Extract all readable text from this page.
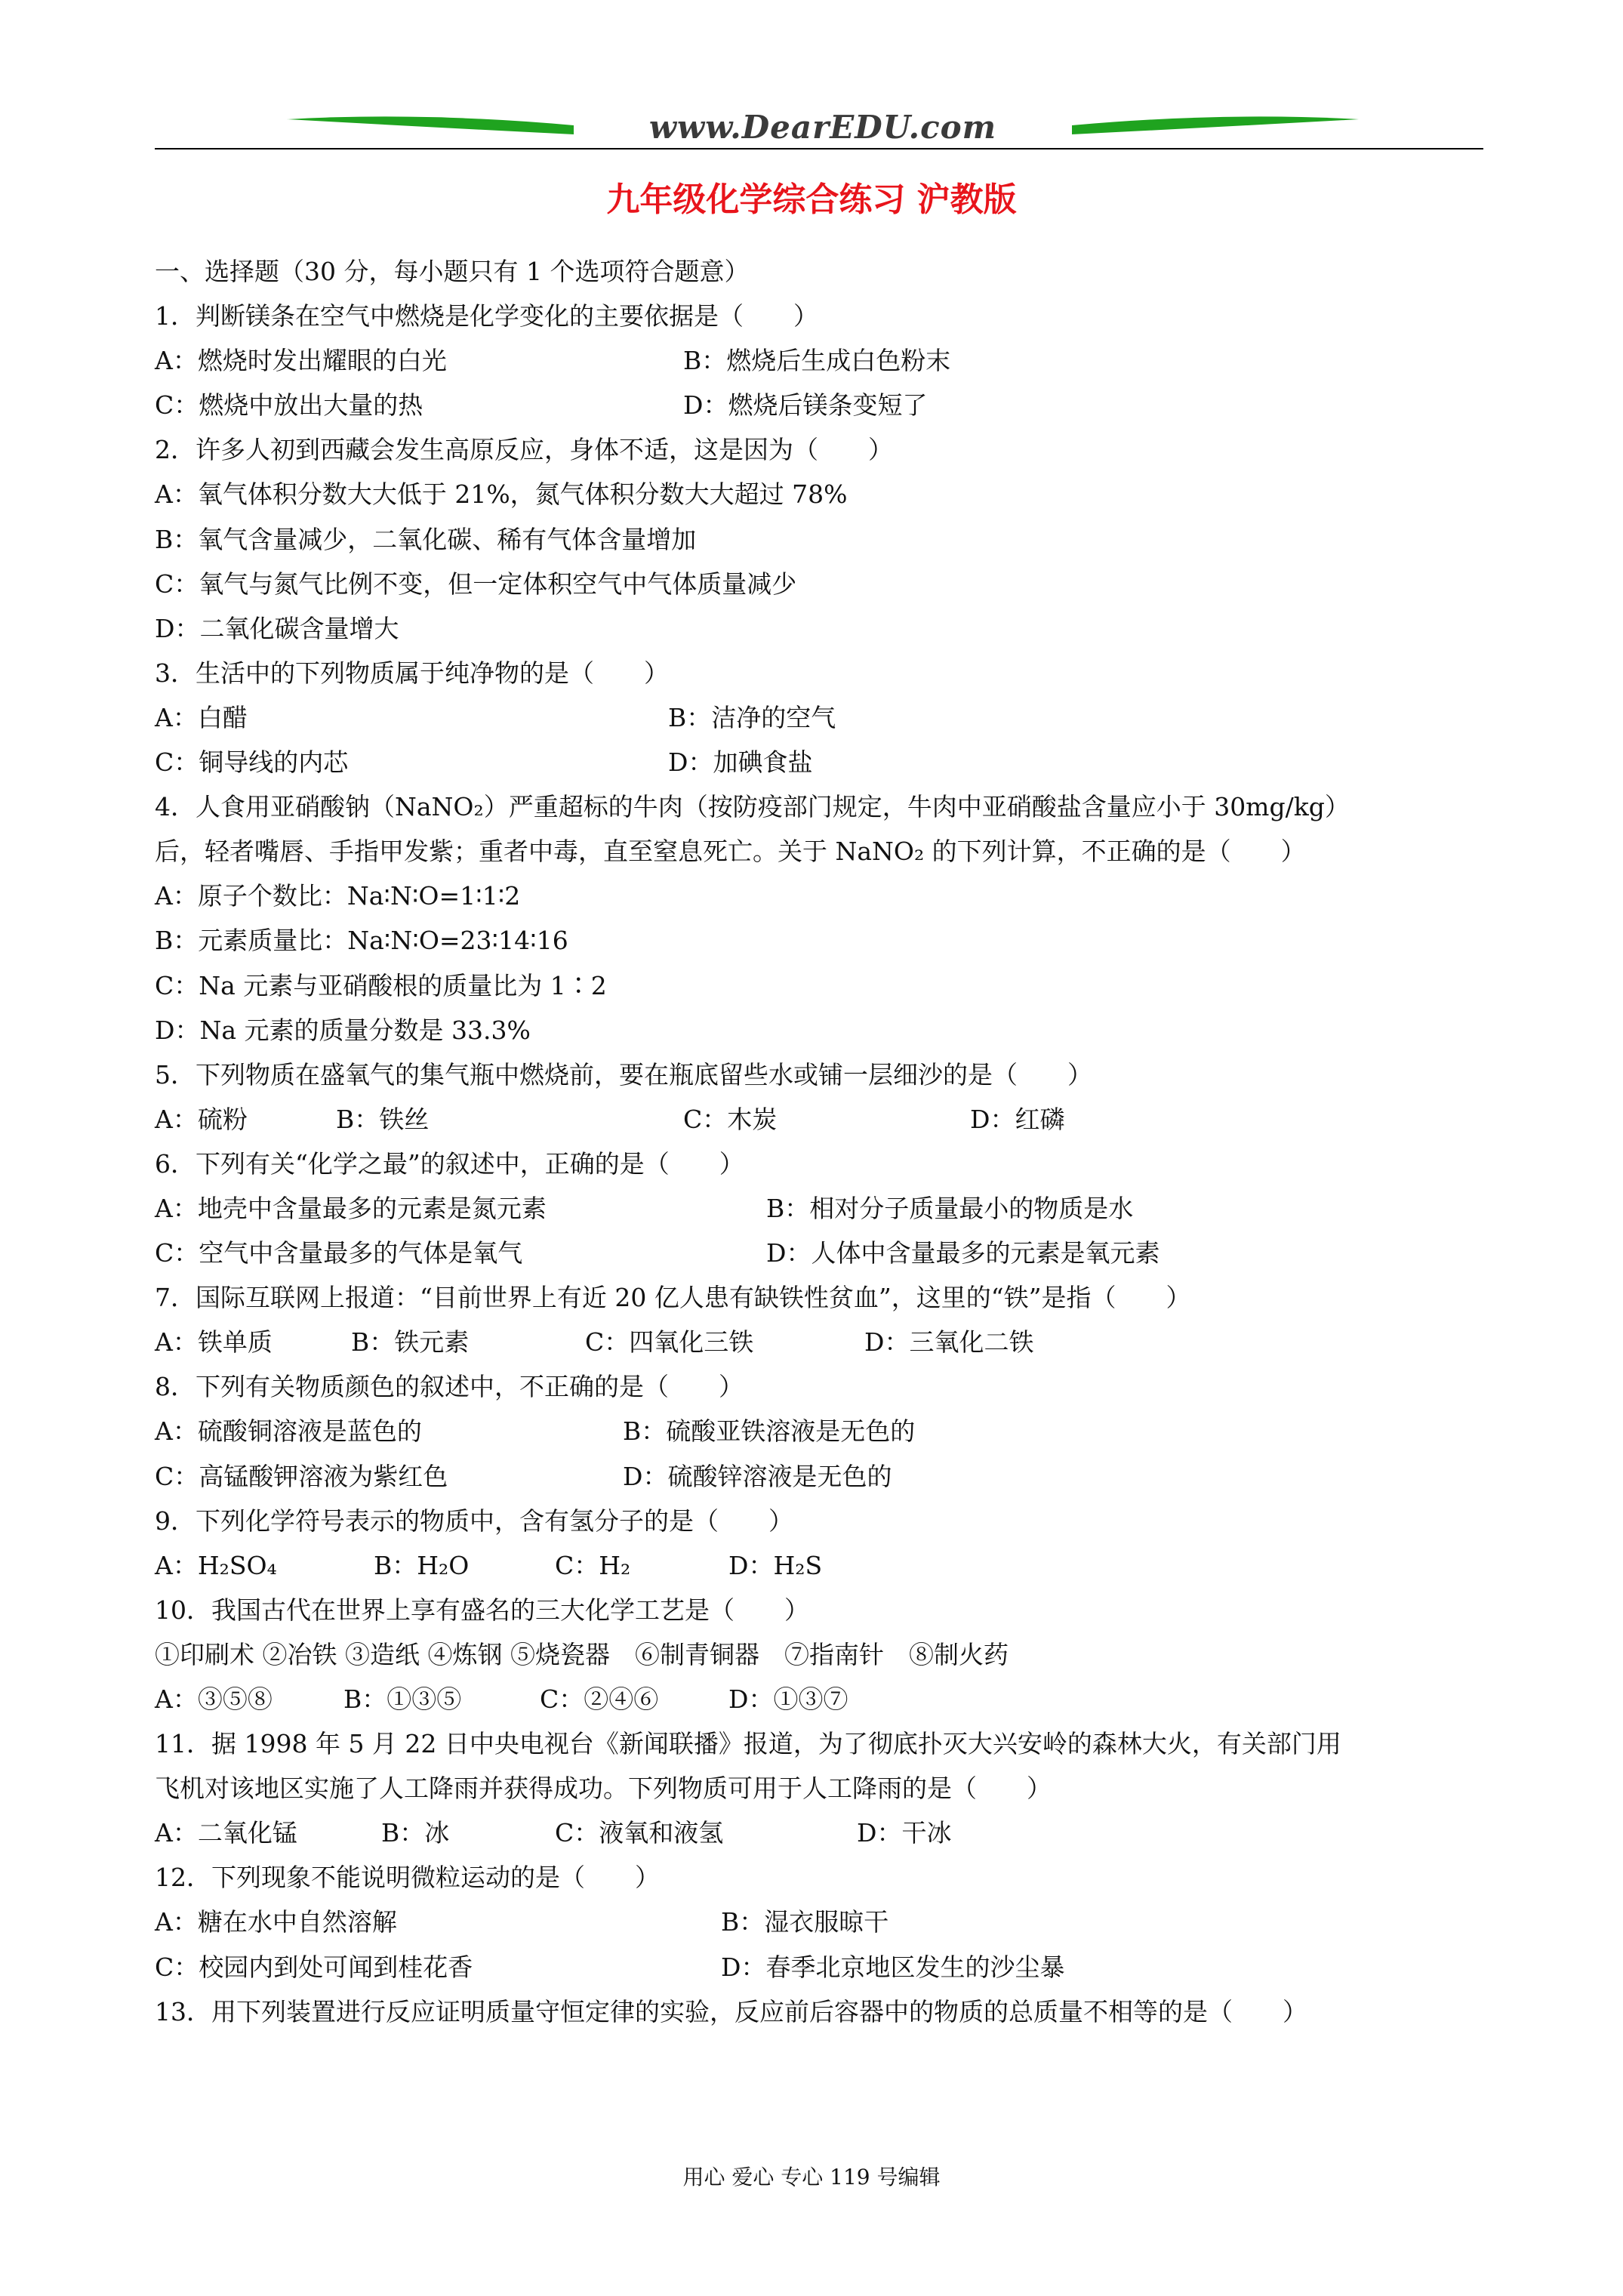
www.DearEDU.com
九年级化学综合练习 沪教版
一、选择题（30 分，每小题只有 1 个选项符合题意）
1．判断镁条在空气中燃烧是化学变化的主要依据是（　　）
A：燃烧时发出耀眼的白光	B：燃烧后生成白色粉末
C：燃烧中放出大量的热	D：燃烧后镁条变短了
2．许多人初到西藏会发生高原反应，身体不适，这是因为（　　）
A：氧气体积分数大大低于 21%，氮气体积分数大大超过 78%
B：氧气含量减少，二氧化碳、稀有气体含量增加
C：氧气与氮气比例不变，但一定体积空气中气体质量减少
D：二氧化碳含量增大
3．生活中的下列物质属于纯净物的是（　　）
A：白醋	B：洁净的空气
C：铜导线的内芯	D：加碘食盐
4．人食用亚硝酸钠（NaNO₂）严重超标的牛肉（按防疫部门规定，牛肉中亚硝酸盐含量应小于 30mg/kg）
后，轻者嘴唇、手指甲发紫；重者中毒，直至窒息死亡。关于 NaNO₂ 的下列计算，不正确的是（　　）
A：原子个数比：Na∶N∶O=1∶1∶2
B：元素质量比：Na∶N∶O=23∶14∶16
C：Na 元素与亚硝酸根的质量比为 1∶2
D：Na 元素的质量分数是 33.3%
5．下列物质在盛氧气的集气瓶中燃烧前，要在瓶底留些水或铺一层细沙的是（　　）
A：硫粉	B：铁丝	C：木炭	D：红磷
6．下列有关“化学之最”的叙述中，正确的是（　　）
A：地壳中含量最多的元素是氮元素	B：相对分子质量最小的物质是水
C：空气中含量最多的气体是氧气	D：人体中含量最多的元素是氧元素
7．国际互联网上报道：“目前世界上有近 20 亿人患有缺铁性贫血”，这里的“铁”是指（　　）
A：铁单质	B：铁元素	C：四氧化三铁	D：三氧化二铁
8．下列有关物质颜色的叙述中，不正确的是（　　）
A：硫酸铜溶液是蓝色的	B：硫酸亚铁溶液是无色的
C：高锰酸钾溶液为紫红色	D：硫酸锌溶液是无色的
9．下列化学符号表示的物质中，含有氢分子的是（　　）
A：H₂SO₄	B：H₂O	C：H₂	D：H₂S
10．我国古代在世界上享有盛名的三大化学工艺是（　　）
①印刷术 ②冶铁 ③造纸 ④炼钢 ⑤烧瓷器　⑥制青铜器　⑦指南针　⑧制火药
A：③⑤⑧	B：①③⑤	C：②④⑥	D：①③⑦
11．据 1998 年 5 月 22 日中央电视台《新闻联播》报道，为了彻底扑灭大兴安岭的森林大火，有关部门用
飞机对该地区实施了人工降雨并获得成功。下列物质可用于人工降雨的是（　　）
A：二氧化锰	B：冰	C：液氧和液氢	D：干冰
12．下列现象不能说明微粒运动的是（　　）
A：糖在水中自然溶解	B：湿衣服晾干
C：校园内到处可闻到桂花香	D：春季北京地区发生的沙尘暴
13．用下列装置进行反应证明质量守恒定律的实验，反应前后容器中的物质的总质量不相等的是（　　）
用心 爱心 专心 119 号编辑
